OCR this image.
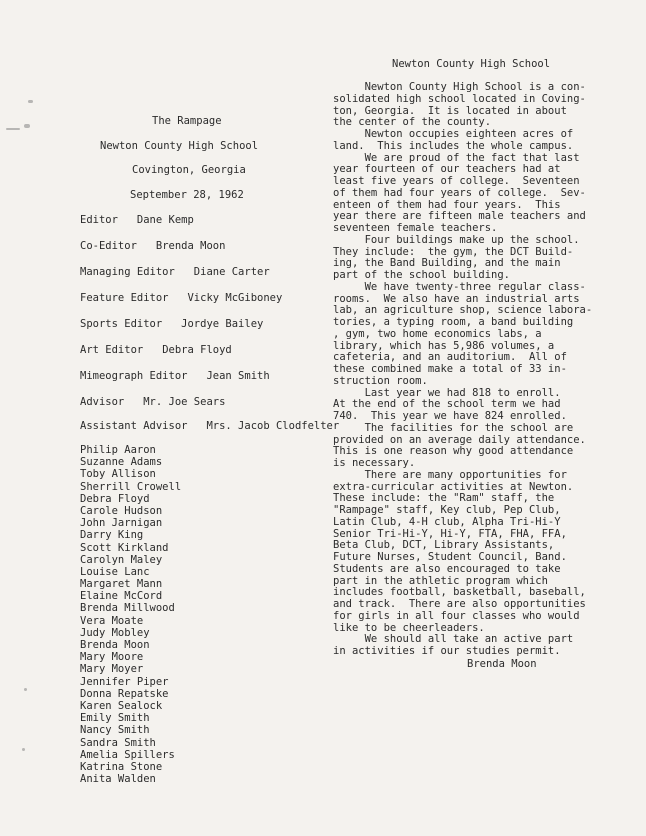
Newton County High School
The Rampage
Newton County High School
Covington, Georgia
September 28, 1962
Editor Dane Kemp
Co-Editor Brenda Moon
Managing Editor Diane Carter
Feature Editor Vicky McGiboney
Sports Editor Jordye Bailey
Art Editor Debra Floyd
Mimeograph Editor Jean Smith
Advisor Mr. Joe Sears
Assistant Advisor Mrs. Jacob Clodfelter
Philip Aaron
Suzanne Adams
Toby Allison
Sherrill Crowell
Debra Floyd
Carole Hudson
John Jarnigan
Darry King
Scott Kirkland
Carolyn Maley
Louise Lanc
Margaret Mann
Elaine McCord
Brenda Millwood
Vera Moate
Judy Mobley
Brenda Moon
Mary Moore
Mary Moyer
Jennifer Piper
Donna Repatske
Karen Sealock
Emily Smith
Nancy Smith
Sandra Smith
Amelia Spillers
Katrina Stone
Anita Walden
Newton County High School is a con-
solidated high school located in Coving-
ton, Georgia.  It is located in about
the center of the county.
Newton occupies eighteen acres of
land.  This includes the whole campus.
We are proud of the fact that last
year fourteen of our teachers had at
least five years of college.  Seventeen
of them had four years of college.  Sev-
enteen of them had four years.  This
year there are fifteen male teachers and
seventeen female teachers.
Four buildings make up the school.
They include:  the gym, the DCT Build-
ing, the Band Building, and the main
part of the school building.
We have twenty-three regular class-
rooms.  We also have an industrial arts
lab, an agriculture shop, science labora-
tories, a typing room, a band building
, gym, two home economics labs, a
library, which has 5,986 volumes, a
cafeteria, and an auditorium.  All of
these combined make a total of 33 in-
struction room.
Last year we had 818 to enroll.
At the end of the school term we had
740.  This year we have 824 enrolled.
The facilities for the school are
provided on an average daily attendance.
This is one reason why good attendance
is necessary.
There are many opportunities for
extra-curricular activities at Newton.
These include: the "Ram" staff, the
"Rampage" staff, Key club, Pep Club,
Latin Club, 4-H club, Alpha Tri-Hi-Y
Senior Tri-Hi-Y, Hi-Y, FTA, FHA, FFA,
Beta Club, DCT, Library Assistants,
Future Nurses, Student Council, Band.
Students are also encouraged to take
part in the athletic program which
includes football, basketball, baseball,
and track.  There are also opportunities
for girls in all four classes who would
like to be cheerleaders.
We should all take an active part
in activities if our studies permit.
Brenda Moon
